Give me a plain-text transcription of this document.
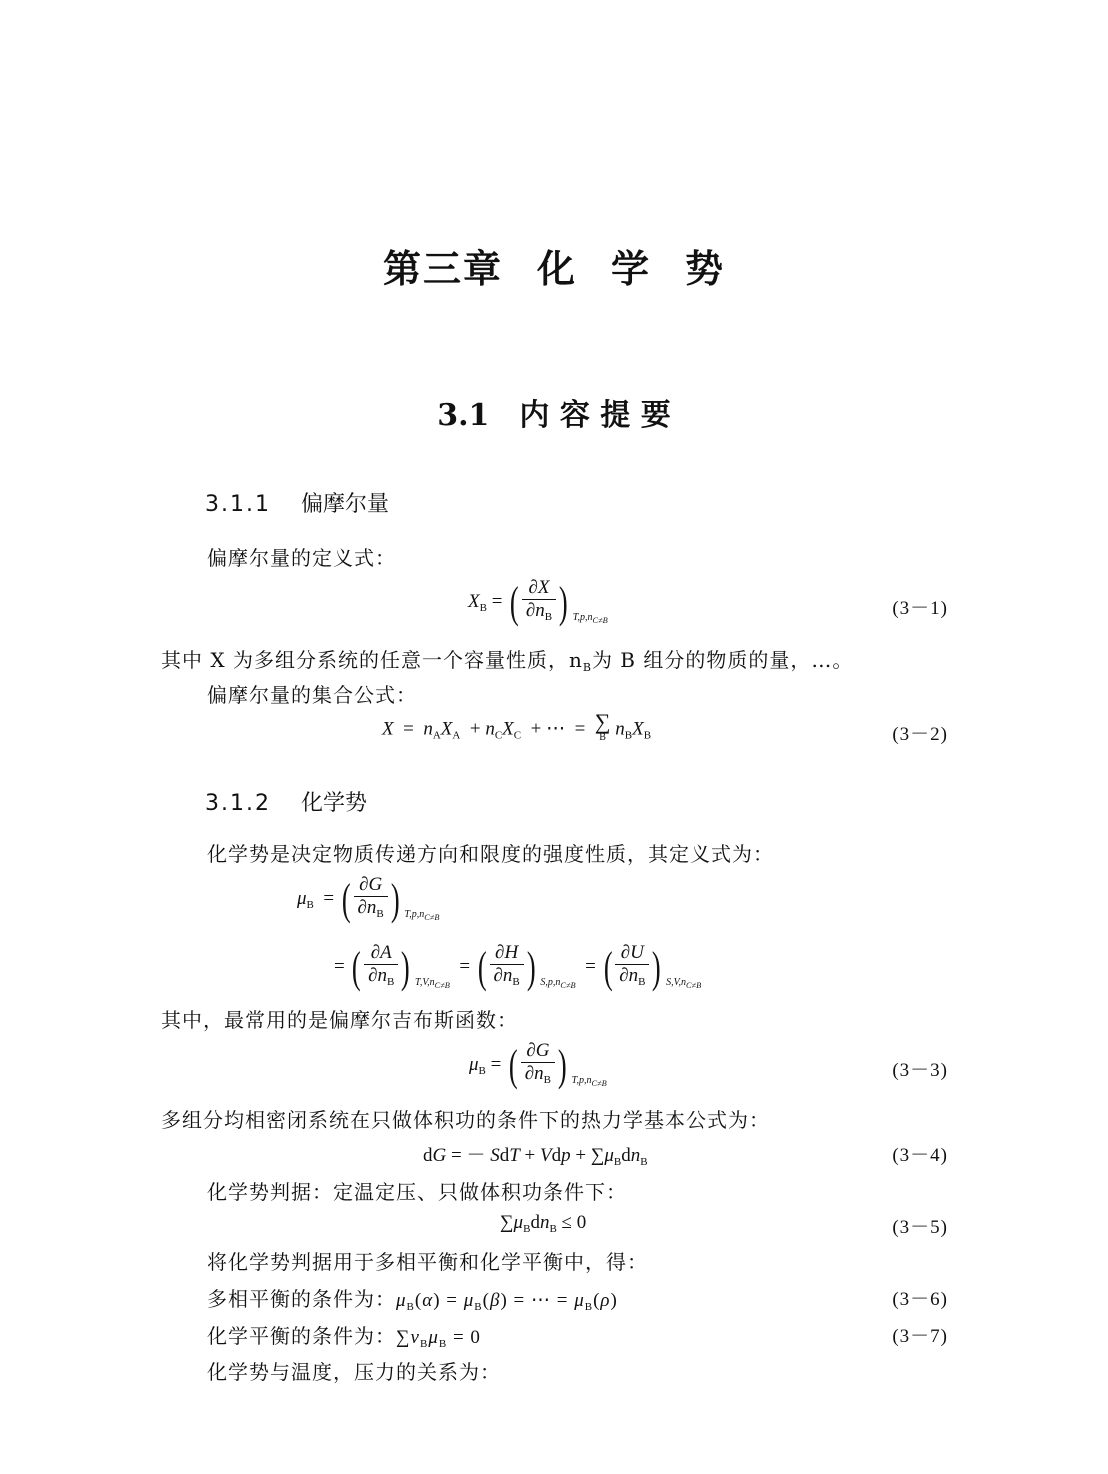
第三章 化 学 势
3.1 内 容 提 要
3.1.1 偏摩尔量
偏摩尔量的定义式：
$X_B$ = ( $\frac{\partial X}{\partial n_B}$ ) $_{T,p,n_{C\ne B}}$
(3－1)
其中 X 为多组分系统的任意一个容量性质，$n_B$为 B 组分的物质的量，…。
偏摩尔量的集合公式：
$X = n_AX_A + n_CX_C$  + ⋯  = ∑
B $n_BX_B$	(3－2)
3.1.2 化学势
化学势是决定物质传递方向和限度的强度性质，其定义式为：
$\mu_B$  = ( $\frac{\partial G}{\partial n_B}$ ) $_{T,p,n_{C\ne B}}$
= ( $\frac{\partial A}{\partial n_B}$ ) $_{T,V,n_{C\ne B}}$  = ( $\frac{\partial H}{\partial n_B}$ ) $_{S,p,n_{C\ne B}}$  = ( $\frac{\partial U}{\partial n_B}$ ) $_{S,V,n_{C\ne B}}$
其中，最常用的是偏摩尔吉布斯函数：
$\mu_B$ = ( $\frac{\partial G}{\partial n_B}$ ) $_{T,p,n_{C\ne B}}$
(3－3)
多组分均相密闭系统在只做体积功的条件下的热力学基本公式为：
dG = － SdT + Vdp + $\sum\mu_Bdn_B$	(3－4)
化学势判据：定温定压、只做体积功条件下：
$\sum\mu_Bdn_B \le 0$	(3－5)
将化学势判据用于多相平衡和化学平衡中，得：
多相平衡的条件为：$\mu_B(\alpha) = \mu_B(\beta)$ = ⋯ = $\mu_B(\rho)$	(3－6)
化学平衡的条件为：$\sum\nu_B\mu_B = 0$	(3－7)
化学势与温度，压力的关系为：
